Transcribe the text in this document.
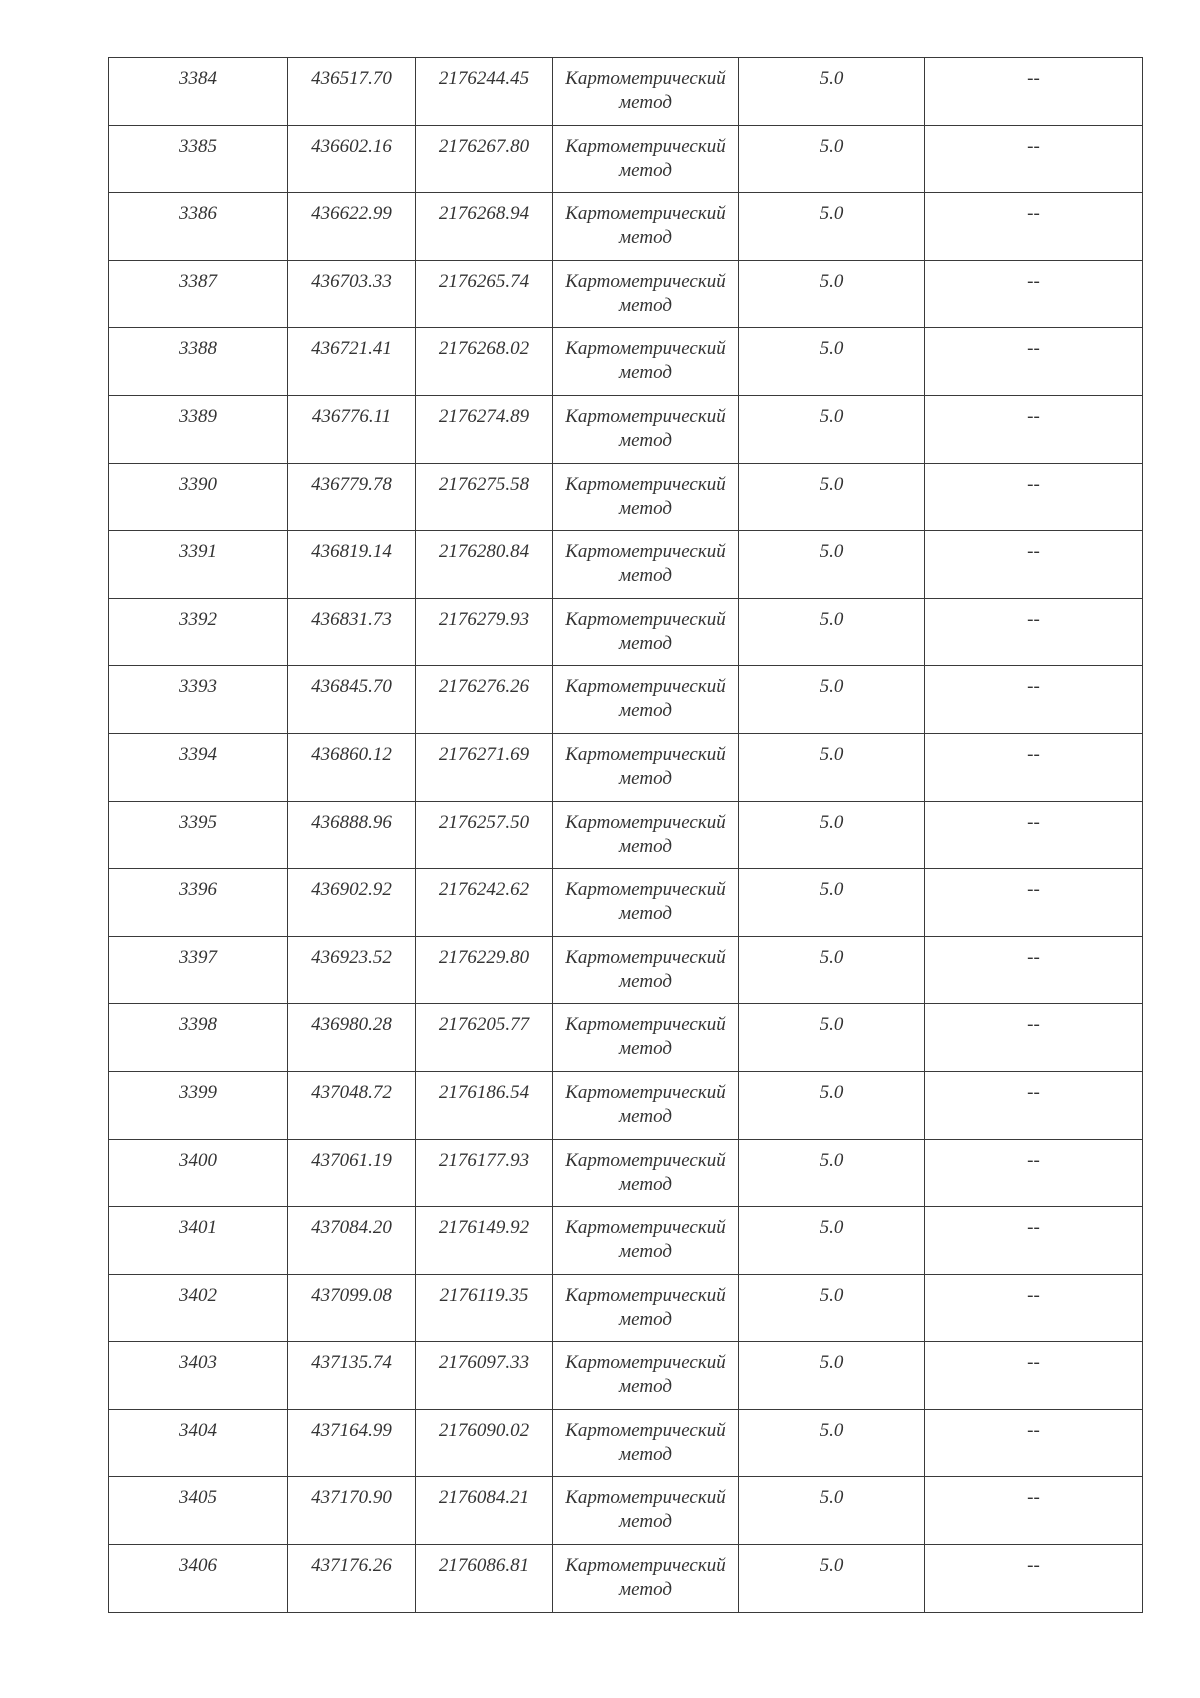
3384	436517.70	2176244.45	Картометрический
метод	5.0	--

3385	436602.16	2176267.80	Картометрический
метод	5.0	--

3386	436622.99	2176268.94	Картометрический
метод	5.0	--

3387	436703.33	2176265.74	Картометрический
метод	5.0	--

3388	436721.41	2176268.02	Картометрический
метод	5.0	--

3389	436776.11	2176274.89	Картометрический
метод	5.0	--

3390	436779.78	2176275.58	Картометрический
метод	5.0	--

3391	436819.14	2176280.84	Картометрический
метод	5.0	--

3392	436831.73	2176279.93	Картометрический
метод	5.0	--

3393	436845.70	2176276.26	Картометрический
метод	5.0	--

3394	436860.12	2176271.69	Картометрический
метод	5.0	--

3395	436888.96	2176257.50	Картометрический
метод	5.0	--

3396	436902.92	2176242.62	Картометрический
метод	5.0	--

3397	436923.52	2176229.80	Картометрический
метод	5.0	--

3398	436980.28	2176205.77	Картометрический
метод	5.0	--

3399	437048.72	2176186.54	Картометрический
метод	5.0	--

3400	437061.19	2176177.93	Картометрический
метод	5.0	--

3401	437084.20	2176149.92	Картометрический
метод	5.0	--

3402	437099.08	2176119.35	Картометрический
метод	5.0	--

3403	437135.74	2176097.33	Картометрический
метод	5.0	--

3404	437164.99	2176090.02	Картометрический
метод	5.0	--

3405	437170.90	2176084.21	Картометрический
метод	5.0	--

3406	437176.26	2176086.81	Картометрический
метод	5.0	--
